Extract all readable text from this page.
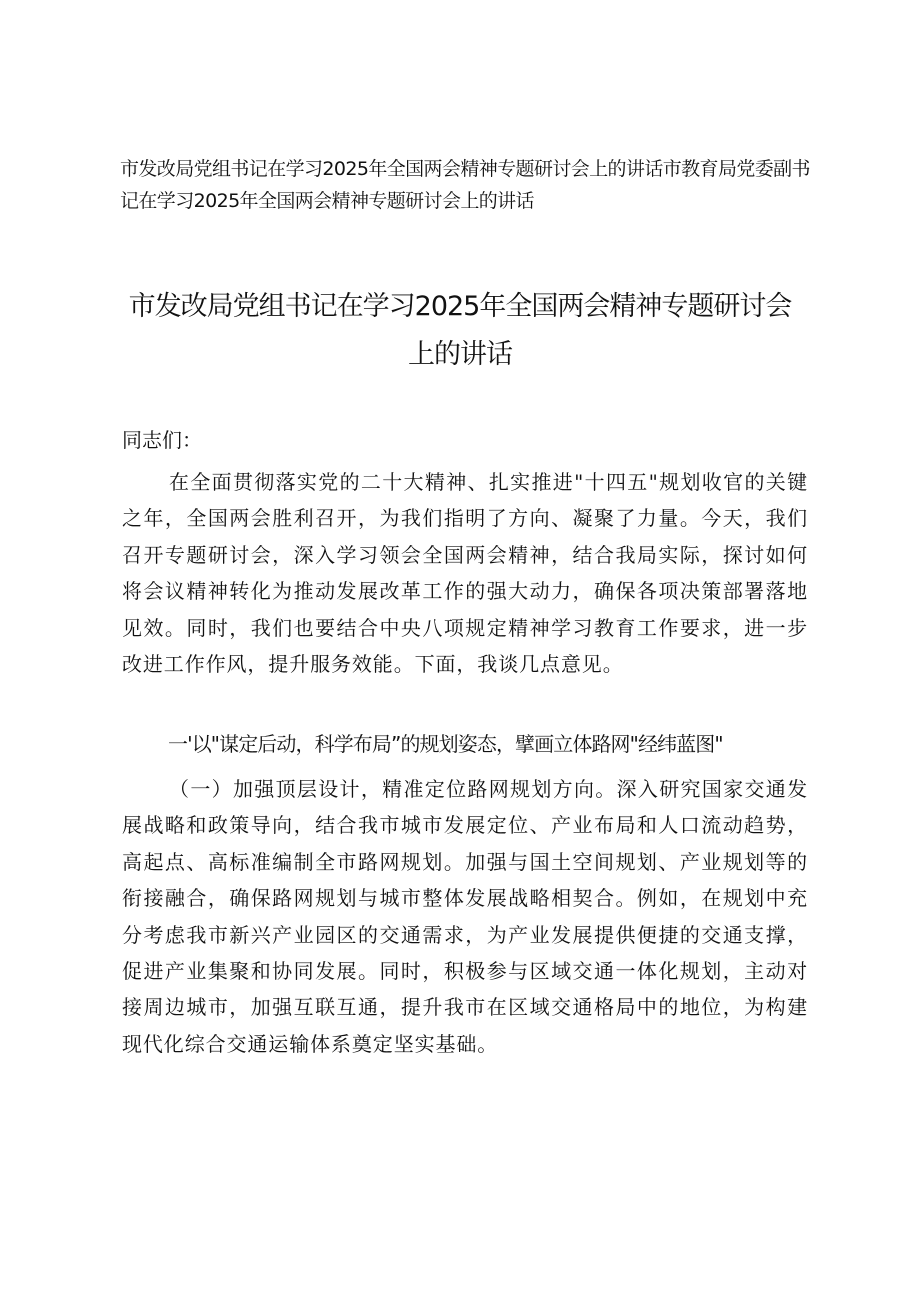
市发改局党组书记在学习2025年全国两会精神专题研讨会上的讲话市教育局党委副书记在学习2025年全国两会精神专题研讨会上的讲话
市发改局党组书记在学习2025年全国两会精神专题研讨会上的讲话
同志们：
在全面贯彻落实党的二十大精神、扎实推进"十四五"规划收官的关键之年，全国两会胜利召开，为我们指明了方向、凝聚了力量。今天，我们召开专题研讨会，深入学习领会全国两会精神，结合我局实际，探讨如何将会议精神转化为推动发展改革工作的强大动力，确保各项决策部署落地见效。同时，我们也要结合中央八项规定精神学习教育工作要求，进一步改进工作作风，提升服务效能。下面，我谈几点意见。
一'以"谋定后动，科学布局”的规划姿态，擘画立体路网"经纬蓝图"
（一）加强顶层设计，精准定位路网规划方向。深入研究国家交通发展战略和政策导向，结合我市城市发展定位、产业布局和人口流动趋势，高起点、高标准编制全市路网规划。加强与国土空间规划、产业规划等的衔接融合，确保路网规划与城市整体发展战略相契合。例如，在规划中充分考虑我市新兴产业园区的交通需求，为产业发展提供便捷的交通支撑，促进产业集聚和协同发展。同时，积极参与区域交通一体化规划，主动对接周边城市，加强互联互通，提升我市在区域交通格局中的地位，为构建现代化综合交通运输体系奠定坚实基础。
